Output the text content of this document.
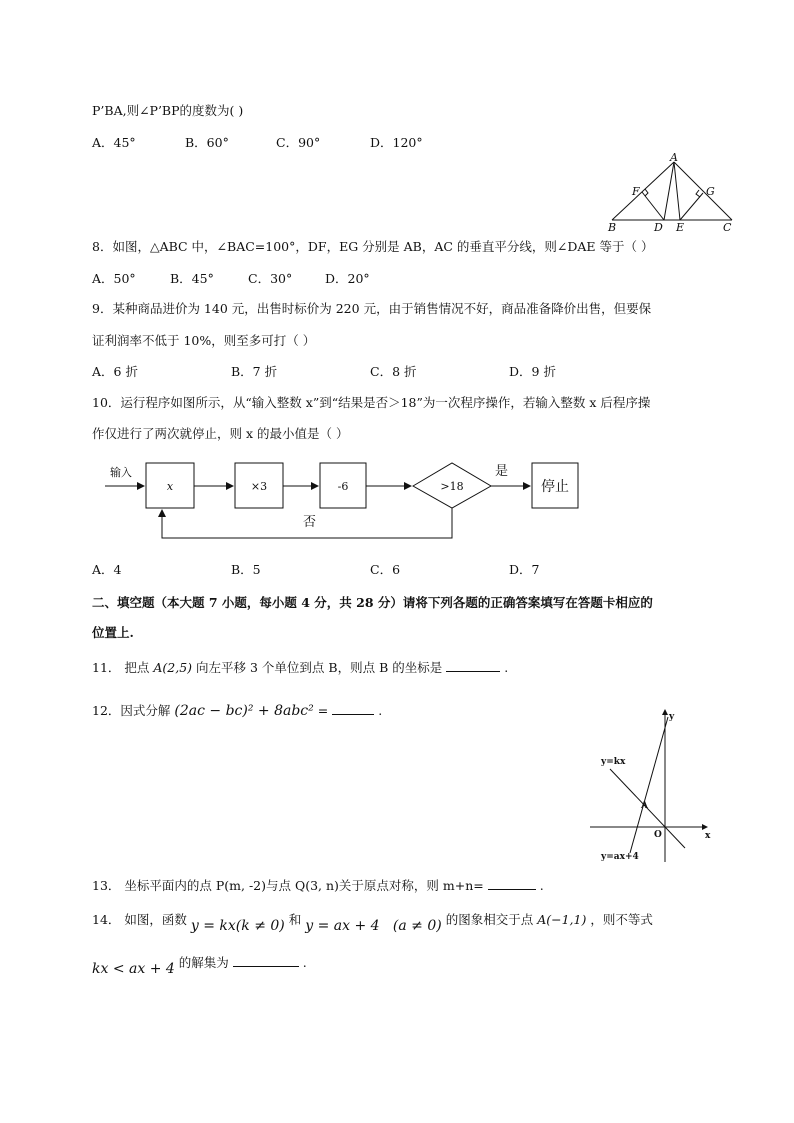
P’BA,则∠P’BP的度数为( )
A．45°	B．60°	C．90°	D．120°
A
B	C
D E
F	G
8．如图，△ABC 中，∠BAC=100°，DF，EG 分别是 AB，AC 的垂直平分线，则∠DAE 等于（ ）
A．50°	B．45°	C．30°	D．20°
9．某种商品进价为 140 元，出售时标价为 220 元，由于销售情况不好，商品准备降价出售，但要保
证利润率不低于 10%，则至多可打（ ）
A．6 折	B．7 折	C．8 折	D．9 折
10．运行程序如图所示，从“输入整数 x”到“结果是否＞18”为一次程序操作，若输入整数 x 后程序操
作仅进行了两次就停止，则 x 的最小值是（ ）
输入
x	×3	-6	>18
是
否
停止
A．4	B．5	C．6	D．7
二、填空题（本大题 7 小题，每小题 4 分，共 28 分）请将下列各题的正确答案填写在答题卡相应的
位置上.
11． 把点 A(2,5) 向左平移 3 个单位到点 B，则点 B 的坐标是	.
12．因式分解 (2ac − bc)² + 8abc² =	.	y
x
O
A
y=kx
y=ax+4
13． 坐标平面内的点 P(m, -2)与点 Q(3, n)关于原点对称，则 m+n=	.
14． 如图，函数 y = kx(k ≠ 0) 和 y = ax + 4   (a ≠ 0) 的图象相交于点 A(−1,1) ，则不等式
kx < ax + 4 的解集为	.
